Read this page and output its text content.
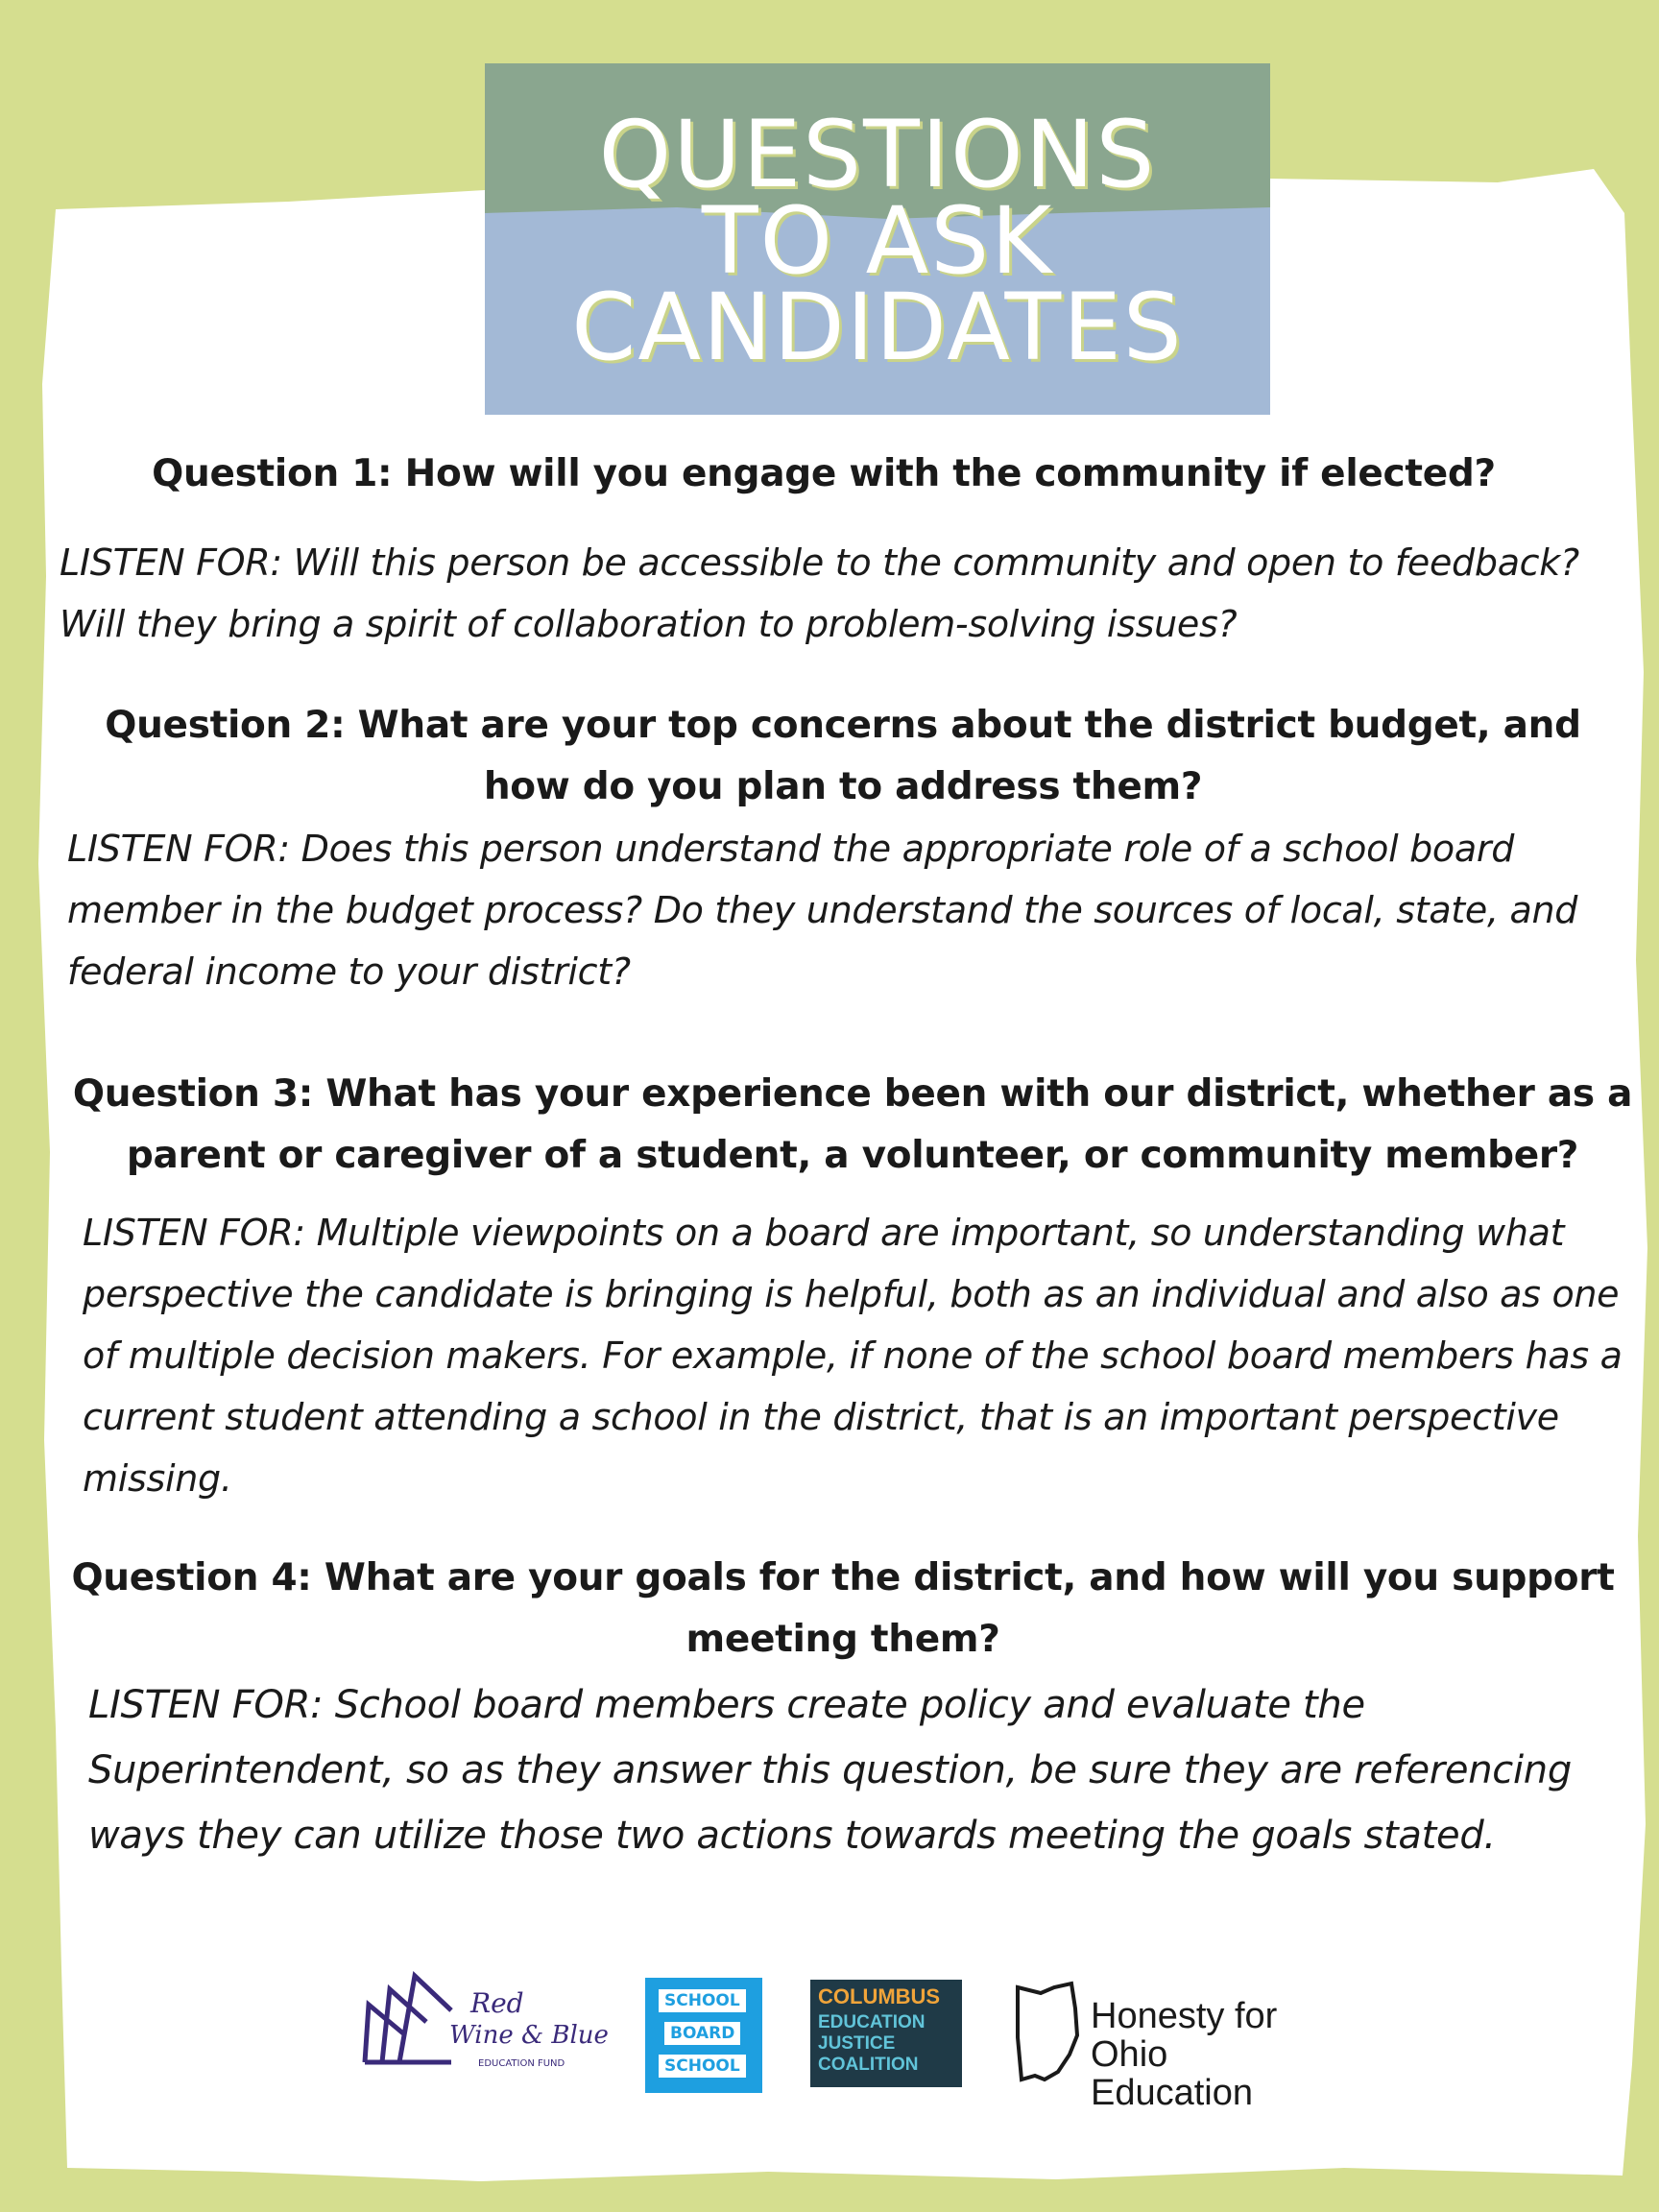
QUESTIONS
TO ASK
CANDIDATES

Question 1: How will you engage with the community if elected?

LISTEN FOR: Will this person be accessible to the community and open to feedback? Will they bring a spirit of collaboration to problem-solving issues?

Question 2: What are your top concerns about the district budget, and how do you plan to address them?

LISTEN FOR: Does this person understand the appropriate role of a school board member in the budget process? Do they understand the sources of local, state, and federal income to your district?

Question 3: What has your experience been with our district, whether as a parent or caregiver of a student, a volunteer, or community member?

LISTEN FOR: Multiple viewpoints on a board are important, so understanding what perspective the candidate is bringing is helpful, both as an individual and also as one of multiple decision makers. For example, if none of the school board members has a current student attending a school in the district, that is an important perspective missing.

Question 4: What are your goals for the district, and how will you support meeting them?

LISTEN FOR: School board members create policy and evaluate the Superintendent, so as they answer this question, be sure they are referencing ways they can utilize those two actions towards meeting the goals stated.

Red
Wine & Blue
EDUCATION FUND
SCHOOL
BOARD
SCHOOL
COLUMBUS
EDUCATION
JUSTICE
COALITION
Honesty for
Ohio Education
